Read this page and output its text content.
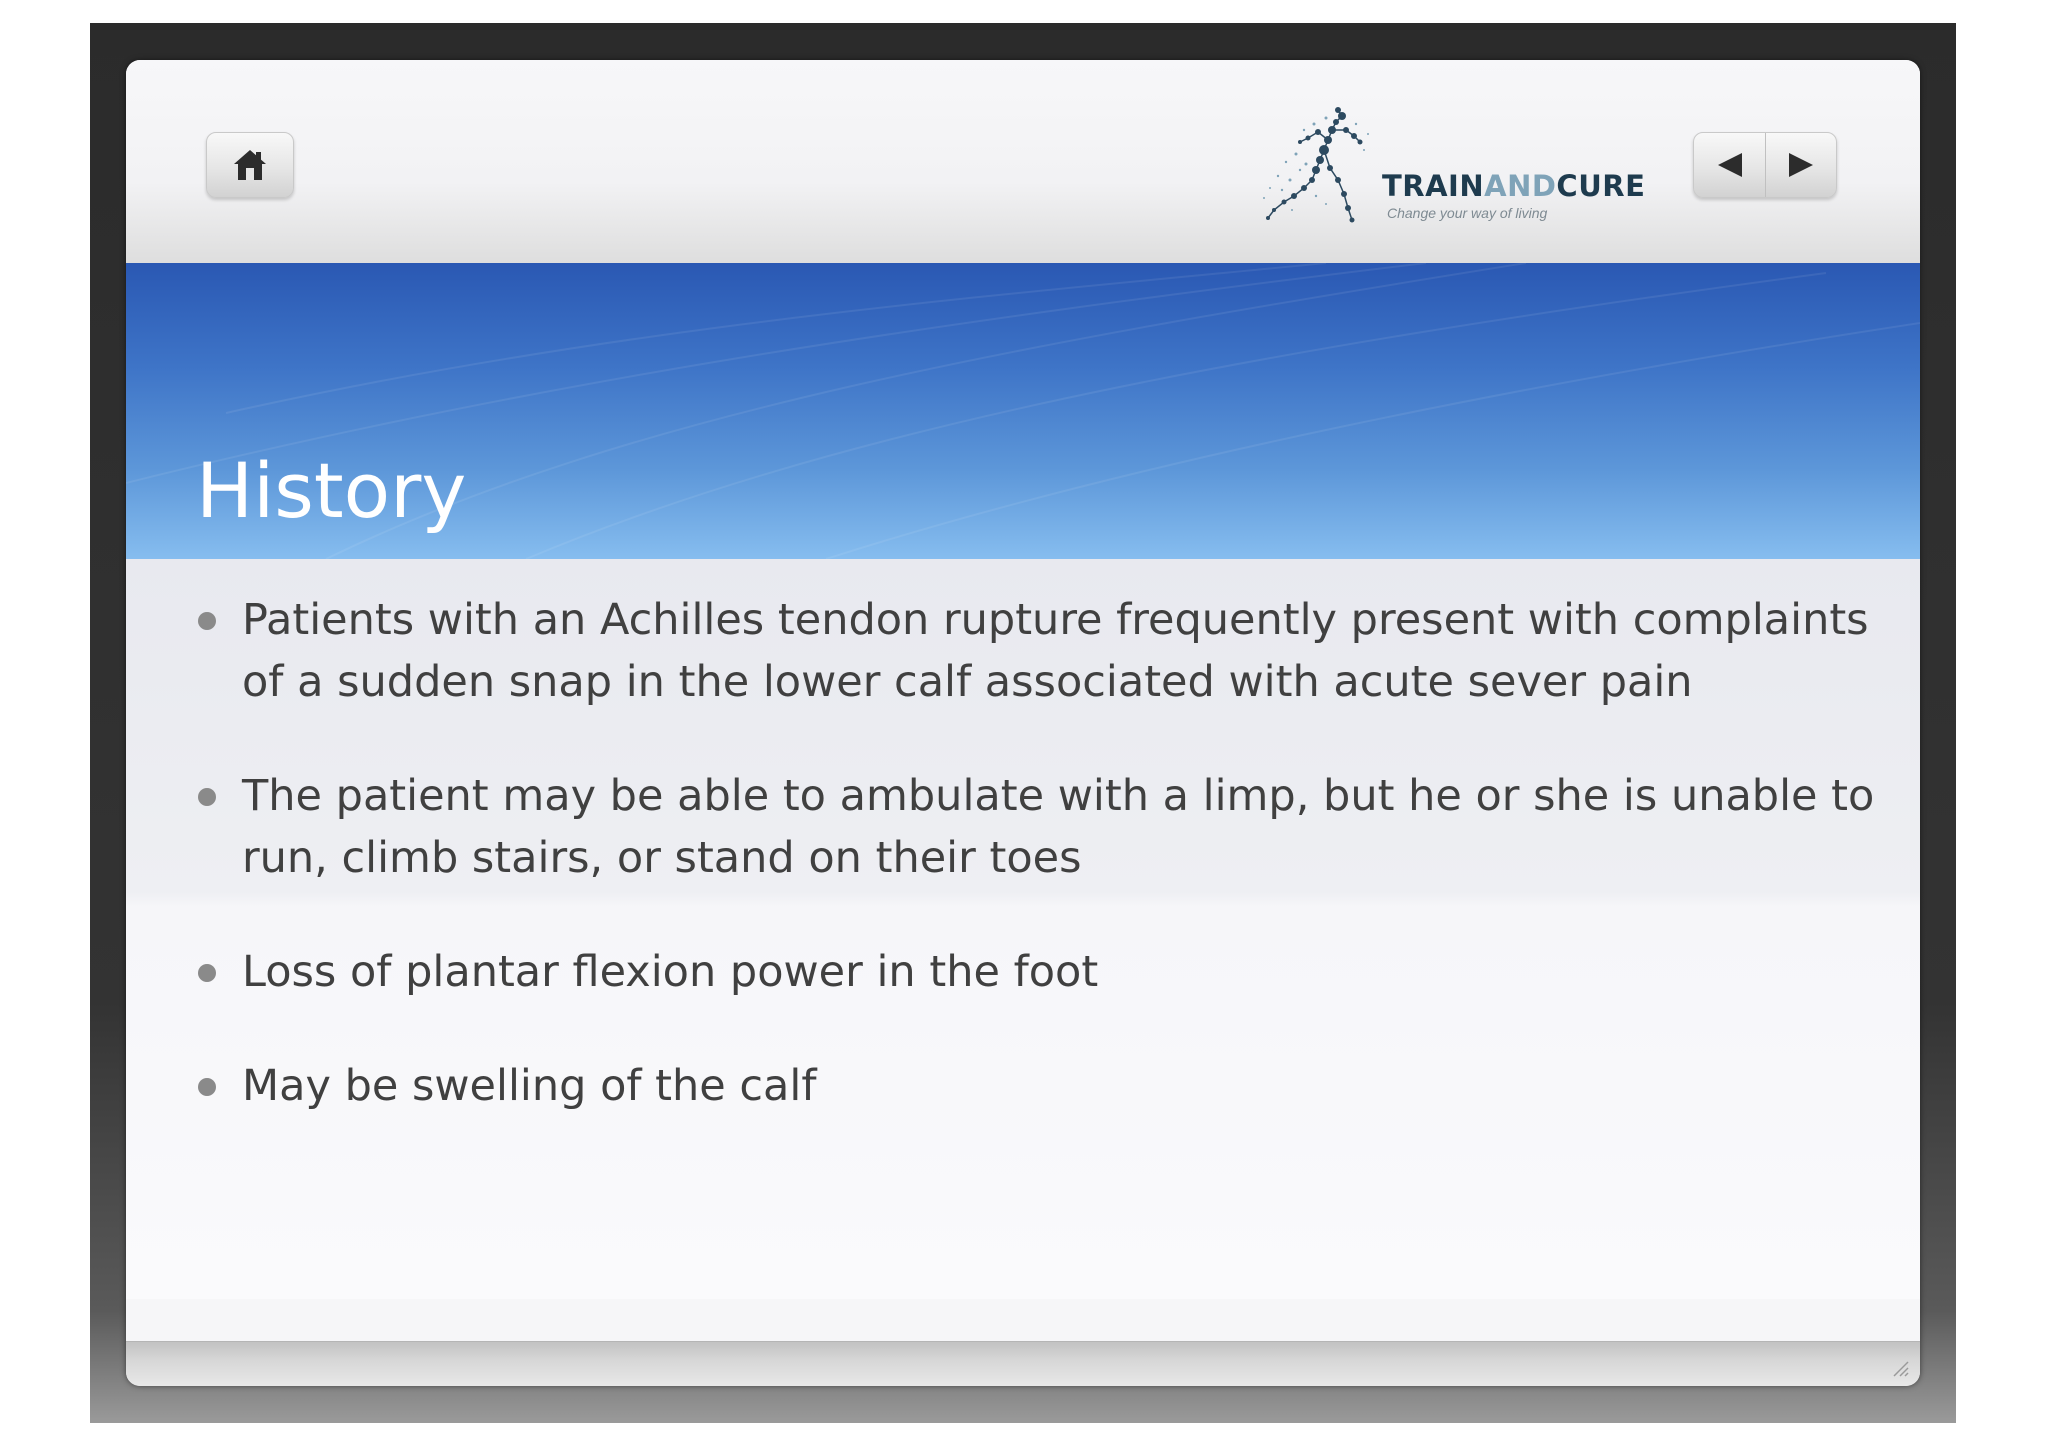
TRAINANDCURE
Change your way of living
History
Patients with an Achilles tendon rupture frequently present with complaints of a sudden snap in the lower calf associated with acute sever pain
The patient may be able to ambulate with a limp, but he or she is unable to run, climb stairs, or stand on their toes
Loss of plantar flexion power in the foot
May be swelling of the calf
